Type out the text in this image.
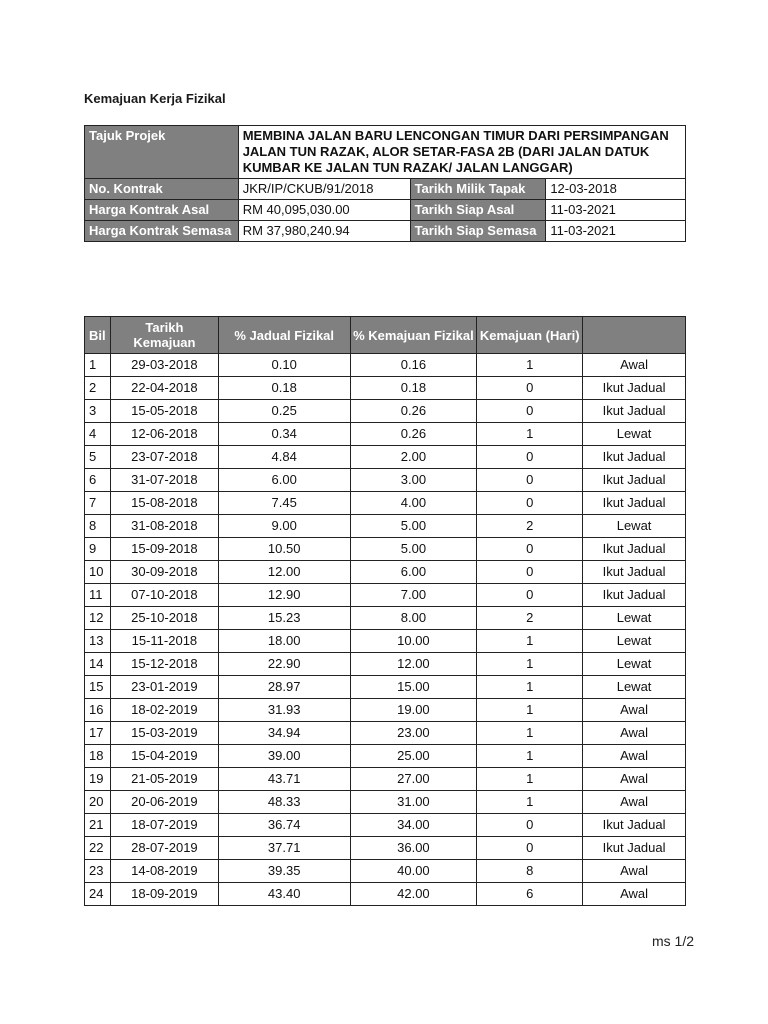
Kemajuan Kerja Fizikal
Tajuk Projek	MEMBINA JALAN BARU LENCONGAN TIMUR DARI PERSIMPANGAN JALAN TUN RAZAK, ALOR SETAR-FASA 2B (DARI JALAN DATUK KUMBAR KE JALAN TUN RAZAK/ JALAN LANGGAR)		
No. Kontrak	JKR/IP/CKUB/91/2018	Tarikh Milik Tapak	12-03-2018
Harga Kontrak Asal	RM 40,095,030.00	Tarikh Siap Asal	11-03-2021
Harga Kontrak Semasa	RM 37,980,240.94	Tarikh Siap Semasa	11-03-2021
Bil	Tarikh Kemajuan	% Jadual Fizikal	% Kemajuan Fizikal	Kemajuan (Hari)	
1	29-03-2018	0.10	0.16	1	Awal
2	22-04-2018	0.18	0.18	0	Ikut Jadual
3	15-05-2018	0.25	0.26	0	Ikut Jadual
4	12-06-2018	0.34	0.26	1	Lewat
5	23-07-2018	4.84	2.00	0	Ikut Jadual
6	31-07-2018	6.00	3.00	0	Ikut Jadual
7	15-08-2018	7.45	4.00	0	Ikut Jadual
8	31-08-2018	9.00	5.00	2	Lewat
9	15-09-2018	10.50	5.00	0	Ikut Jadual
10	30-09-2018	12.00	6.00	0	Ikut Jadual
11	07-10-2018	12.90	7.00	0	Ikut Jadual
12	25-10-2018	15.23	8.00	2	Lewat
13	15-11-2018	18.00	10.00	1	Lewat
14	15-12-2018	22.90	12.00	1	Lewat
15	23-01-2019	28.97	15.00	1	Lewat
16	18-02-2019	31.93	19.00	1	Awal
17	15-03-2019	34.94	23.00	1	Awal
18	15-04-2019	39.00	25.00	1	Awal
19	21-05-2019	43.71	27.00	1	Awal
20	20-06-2019	48.33	31.00	1	Awal
21	18-07-2019	36.74	34.00	0	Ikut Jadual
22	28-07-2019	37.71	36.00	0	Ikut Jadual
23	14-08-2019	39.35	40.00	8	Awal
24	18-09-2019	43.40	42.00	6	Awal
ms 1/2
